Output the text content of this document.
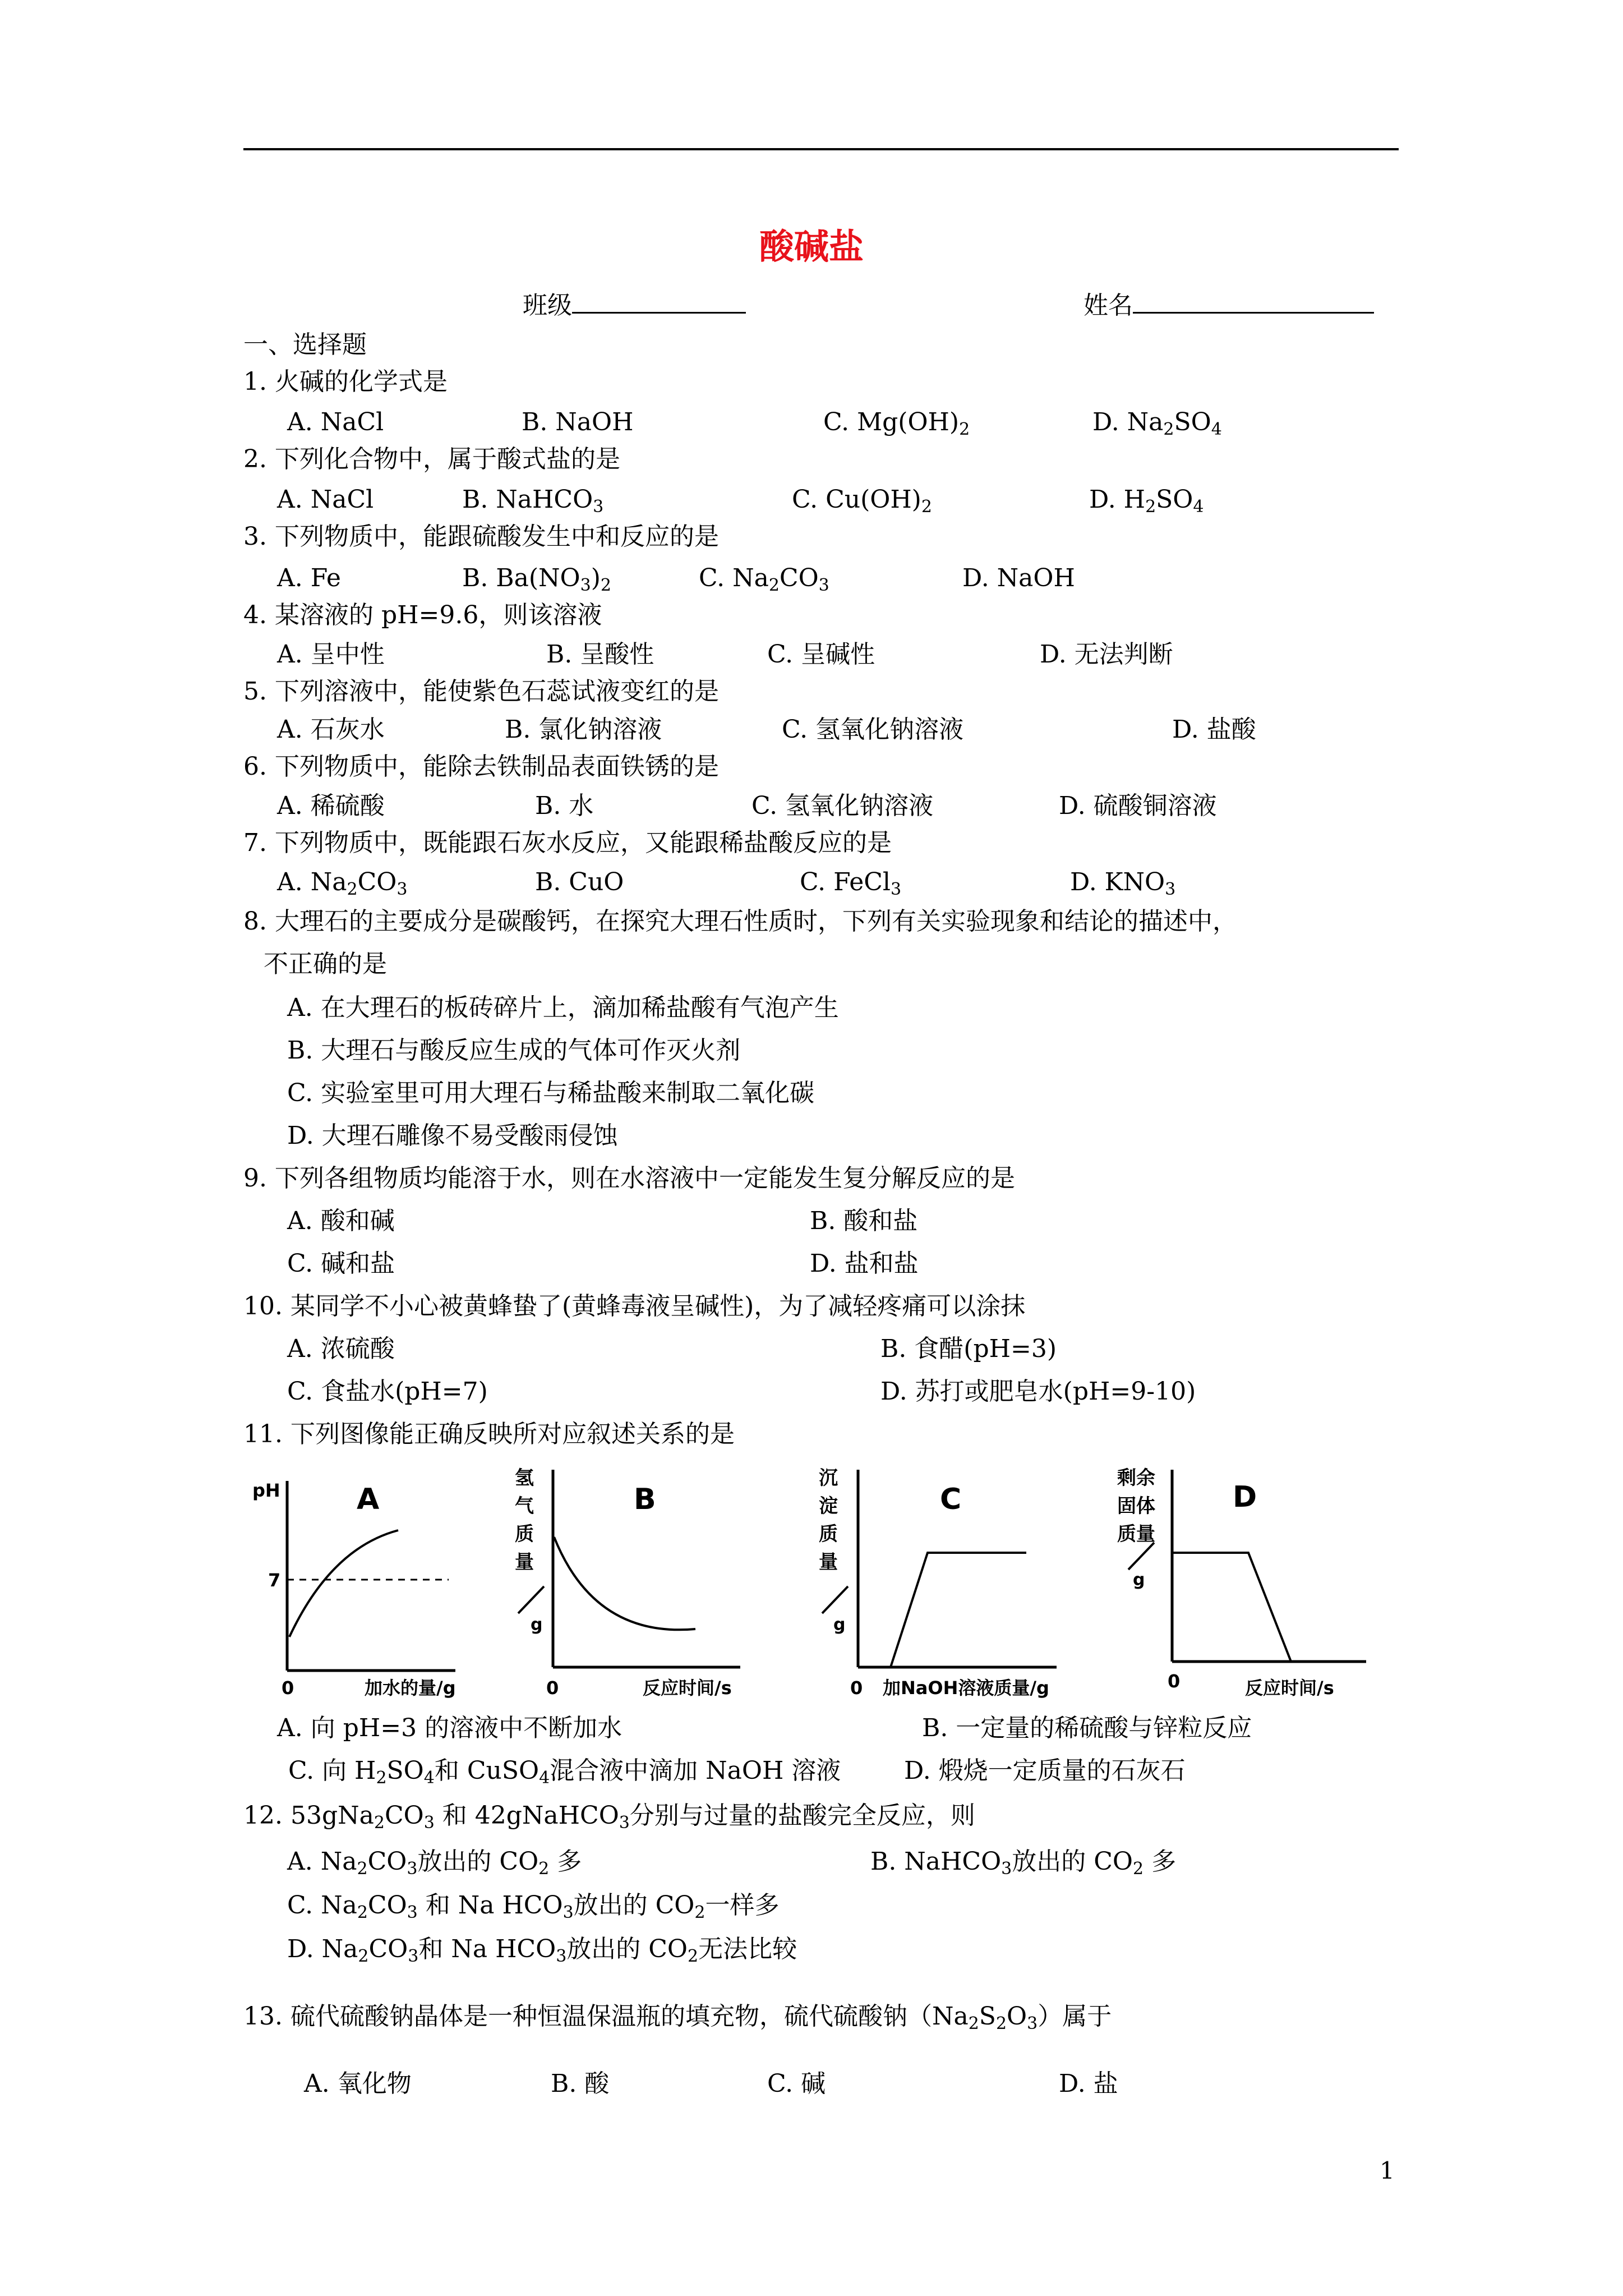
酸碱盐
班级	姓名
一、选择题
1. 火碱的化学式是
A. NaCl	B. NaOH	C. $Mg(OH)_2$	D. $Na_2SO_4$
2. 下列化合物中，属于酸式盐的是
A. NaCl	B. NaHCO$_3$	C. $Cu(OH)_2$	D. $H_2SO_4$
3. 下列物质中，能跟硫酸发生中和反应的是
A. Fe	B. $Ba(NO_3)_2$	C. $Na_2CO_3$	D. NaOH
4. 某溶液的 pH=9.6，则该溶液
A. 呈中性	B. 呈酸性	C. 呈碱性	D. 无法判断
5. 下列溶液中，能使紫色石蕊试液变红的是
A. 石灰水	B. 氯化钠溶液	C. 氢氧化钠溶液	D. 盐酸
6. 下列物质中，能除去铁制品表面铁锈的是
A. 稀硫酸	B. 水	C. 氢氧化钠溶液	D. 硫酸铜溶液
7. 下列物质中，既能跟石灰水反应，又能跟稀盐酸反应的是
A. $Na_2CO_3$	B. CuO	C. FeCl$_3$	D. $KNO_3$
8. 大理石的主要成分是碳酸钙，在探究大理石性质时，下列有关实验现象和结论的描述中，
不正确的是
A. 在大理石的板砖碎片上，滴加稀盐酸有气泡产生
B. 大理石与酸反应生成的气体可作灭火剂
C. 实验室里可用大理石与稀盐酸来制取二氧化碳
D. 大理石雕像不易受酸雨侵蚀
9. 下列各组物质均能溶于水，则在水溶液中一定能发生复分解反应的是
A. 酸和碱	B. 酸和盐
C. 碱和盐	D. 盐和盐
10. 某同学不小心被黄蜂蛰了(黄蜂毒液呈碱性)，为了减轻疼痛可以涂抹
A. 浓硫酸	B. 食醋(pH=3)
C. 食盐水(pH=7)	D. 苏打或肥皂水(pH=9-10)
11. 下列图像能正确反映所对应叙述关系的是
pH	A
7
0	加水的量/g
氢
气
质
量
g
B
0	反应时间/s
沉
淀
质
量
g
C
0 加NaOH溶液质量/g
剩余
固体
质量
g
D
0	反应时间/s
A. 向 pH=3 的溶液中不断加水	B. 一定量的稀硫酸与锌粒反应
C. 向 $H_2SO_4$和 CuSO$_4$混合液中滴加 NaOH 溶液	D. 煅烧一定质量的石灰石
12. $53gNa_2CO_3$ 和 42gNaHCO$_3$分别与过量的盐酸完全反应，则
A. $Na_2CO_3$放出的 $CO_2$ 多	B. NaHCO$_3$放出的 $CO_2$ 多
C. $Na_2CO_3$ 和 Na $HCO_3$放出的 $CO_2$一样多
D. $Na_2CO_3$和 Na $HCO_3$放出的 $CO_2$无法比较
13. 硫代硫酸钠晶体是一种恒温保温瓶的填充物，硫代硫酸钠$(Na_2S_2O_3)$属于
A. 氧化物	B. 酸	C. 碱	D. 盐
1
